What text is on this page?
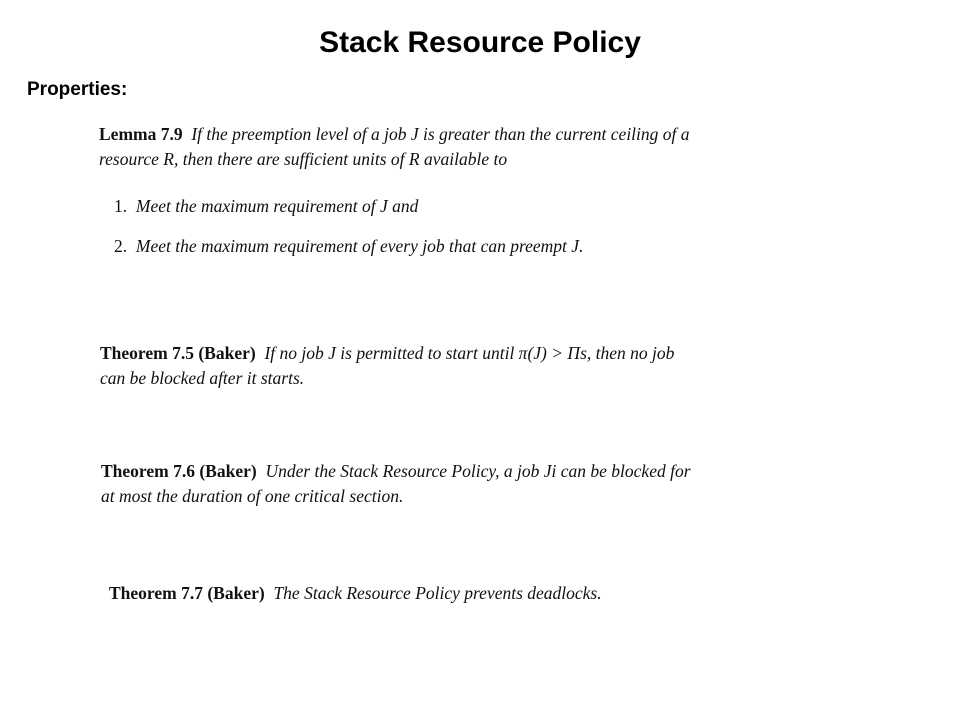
Stack Resource Policy
Properties:
Lemma 7.9 If the preemption level of a job J is greater than the current ceiling of a
resource R, then there are sufficient units of R available to
1. Meet the maximum requirement of J and
2. Meet the maximum requirement of every job that can preempt J.
Theorem 7.5 (Baker) If no job J is permitted to start until π(J) > Πs, then no job
can be blocked after it starts.
Theorem 7.6 (Baker) Under the Stack Resource Policy, a job Ji can be blocked for
at most the duration of one critical section.
Theorem 7.7 (Baker) The Stack Resource Policy prevents deadlocks.
